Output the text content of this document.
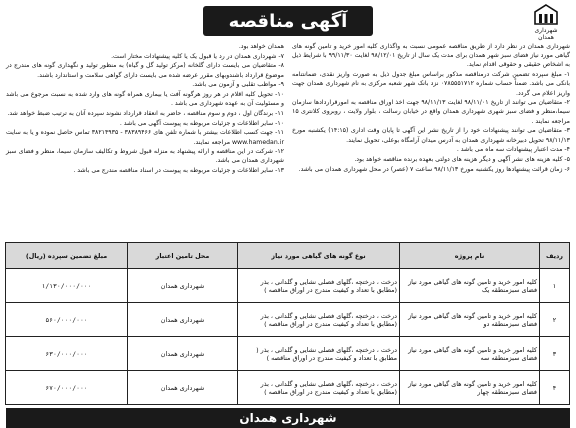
شهرداری همدان
آگهی مناقصه

شهرداری همدان در نظر دارد از طریق مناقصه عمومی نسبت به واگذاری کلیه امور خرید و تامین گونه های گیاهی مورد نیاز فضای سبز شهر همدان برای مدت یک سال از تاریخ ۹۸/۱۲/۰۱ لغایت ۹۹/۱۱/۳۰ با شرایط ذیل به اشخاص حقیقی و حقوقی اقدام نماید.

۱- مبلغ سپرده تضمین شرکت درمناقصه مذکور براساس مبلغ جدول ذیل به صورت واریز نقدی، ضمانتنامه بانکی می باشد. ضمناً حساب شماره ۰۷۸۵۵۵۱۷۱۲ نزد بانک شهر شعبه مرکزی به نام شهرداری همدان جهت واریز اعلام می گردد.

۲- متقاضیان می توانند از تاریخ ۹۸/۱۱/۰۱ لغایت ۹۸/۱۱/۱۳ جهت اخذ اوراق مناقصه به امورقراردادها سازمان سیما،منظر و فضای سبز شهری شهرداری همدان واقع در خیابان رسالت ، بلوار ولایت ، روبروی کلانتری ۱۵ مراجعه نمایند .

۳- متقاضیان می توانند پیشنهادات خود را از تاریخ نشر این آگهی تا پایان وقت اداری (۱۴:۱۵) یکشنبه مورخ ۹۸/۱۱/۱۳ تحویل دبیرخانه شهرداری همدان به آدرس میدان آرامگاه بوعلی، تحویل نمایند.

۴- مدت اعتبار پیشنهادات سه ماه می باشد .

۵- کلیه هزینه های نشر آگهی و دیگر هزینه های دولتی بعهده برنده مناقصه خواهد بود.

۶- زمان قرائت پیشنهادها روز یکشنبه مورخ ۹۸/۱۱/۱۳ ساعت ۷ (عصر) در محل شهرداری همدان می باشد.

همدان خواهد بود.

۷- شهرداری همدان در رد یا قبول یک یا کلیه پیشنهادات مختار است.

۸- متقاضیان می بایست دارای گلخانه (مرکز تولید گل و گیاه) به منظور تولید و نگهداری گونه های مندرج در موضوع قرارداد باشندوبهای مقرر عرضه شده می بایست دارای گواهی سلامت و استاندارد باشند.

۹- مواظب تقلبی و آزمون می باشد.

۱۰- تحویل کلیه اقلام در هر روز هرگونه آفت یا بیماری همراه گونه های وارد شده به نسبت مرجوع می باشد و مسئولیت آن به عهده شهرداری می باشد .

۱۱- برندگان اول ، دوم و سوم مناقصه ، حاضر به انعقاد قرارداد نشوند سپرده آنان به ترتیب ضبط خواهد شد.

۱۰- سایر اطلاعات و جزئیات مربوطه به پیوست آگهی می باشد .

۱۱- جهت کسب اطلاعات بیشتر با شماره تلفن های ۳۸۳۸۹۴۶۶ - ۳۸۲۱۴۹۳۵ تماس حاصل نموده و یا به سایت www.hamedan.ir مراجعه نمایند.

۱۲- شرکت در این مناقصه و ارائه پیشنهاد به منزله قبول شروط و تکالیف سازمان سیما، منظر و فضای سبز شهرداری همدان می باشد.

۱۳- سایر اطلاعات و جزئیات مربوطه به پیوست در اسناد مناقصه مندرج می باشد .

ردیف	نام پروژه	نوع گونه های گیاهی مورد نیاز	محل تامین اعتبار	مبلغ تضمین سپرده (ریال)
۱	کلیه امور خرید و تامین گونه های گیاهی مورد نیاز فضای سبزمنطقه یک	درخت ، درختچه ،گلهای فصلی نشایی و گلدانی ، بذر (مطابق با تعداد و کیفیت مندرج در اوراق مناقصه )	شهرداری همدان	۱/۱۳۰/۰۰۰/۰۰۰
۲	کلیه امور خرید و تامین گونه های گیاهی مورد نیاز فضای سبزمنطقه دو	درخت ، درختچه ،گلهای فصلی نشایی و گلدانی ، بذر (مطابق با تعداد و کیفیت مندرج در اوراق مناقصه )	شهرداری همدان	۵۶۰/۰۰۰/۰۰۰
۳	کلیه امور خرید و تامین گونه های گیاهی مورد نیاز فضای سبزمنطقه سه	درخت ، درختچه ،گلهای فصلی نشایی و گلدانی ، بذر ( مطابق با تعداد و کیفیت مندرج در اوراق مناقصه )	شهرداری همدان	۶۳۰/۰۰۰/۰۰۰
۴	کلیه امور خرید و تامین گونه های گیاهی مورد نیاز فضای سبزمنطقه چهار	درخت ، درختچه ،گلهای فصلی نشایی و گلدانی ، بذر (مطابق با تعداد و کیفیت مندرج در اوراق مناقصه )	شهرداری همدان	۶۷۰/۰۰۰/۰۰۰
شهرداری همدان
